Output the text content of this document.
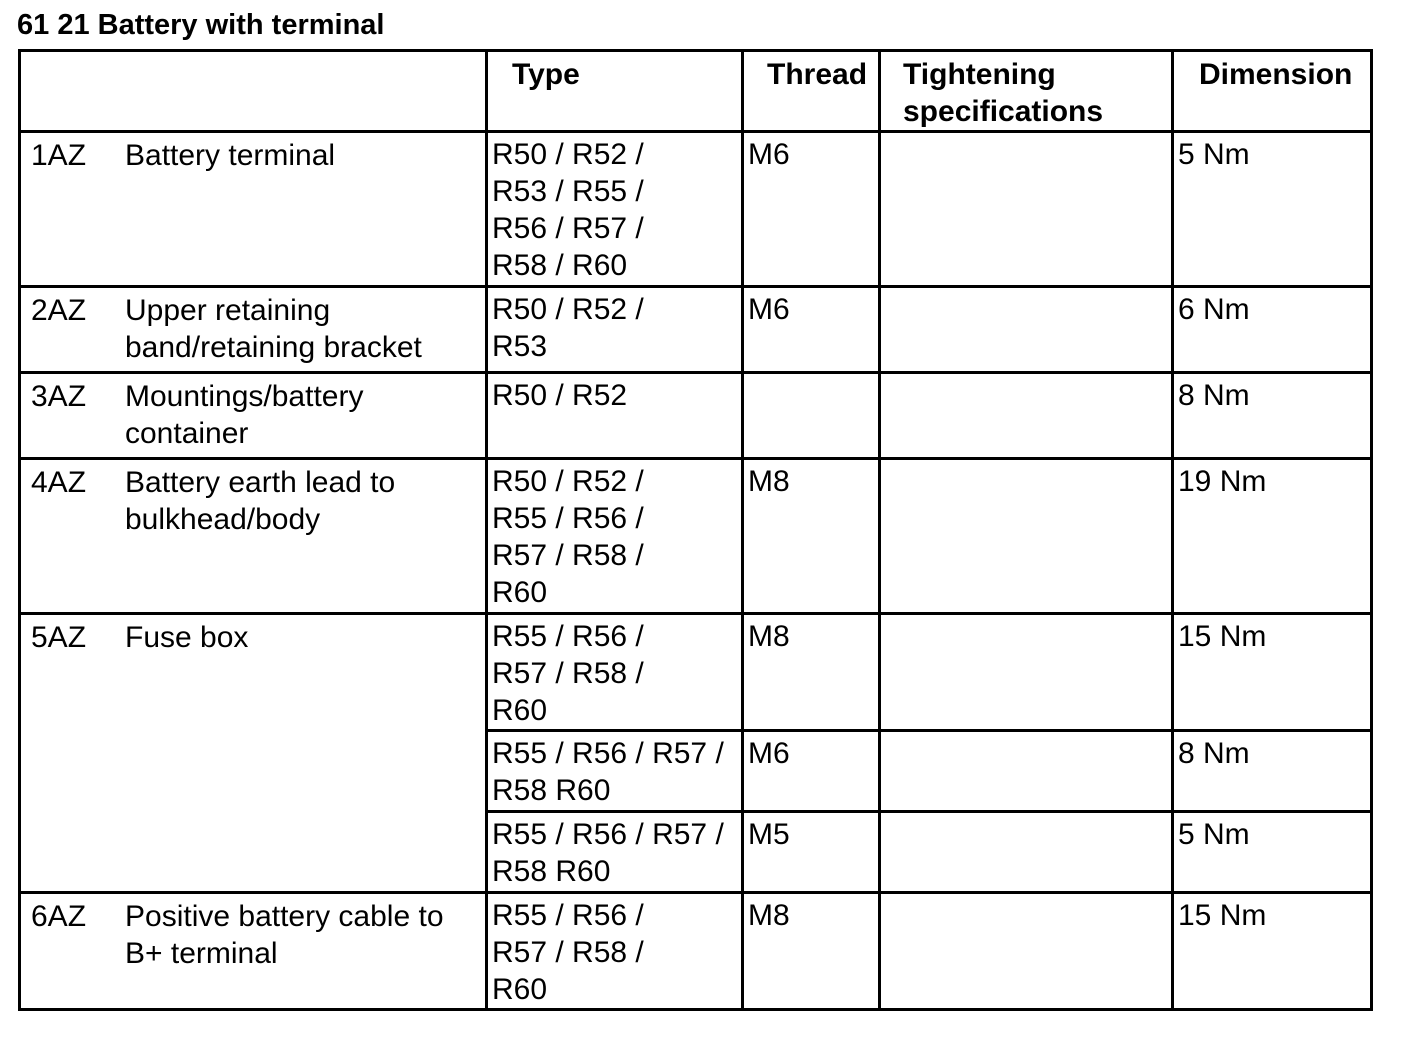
61 21 Battery with terminal

	Type	Thread	Tightening specifications	Dimension

1AZ Battery terminal	R50 / R52 / R53 / R55 / R56 / R57 / R58 / R60	M6		5 Nm

2AZ Upper retaining band/retaining bracket	R50 / R52 / R53	M6		6 Nm

3AZ Mountings/battery container	R50 / R52			8 Nm

4AZ Battery earth lead to bulkhead/body	R50 / R52 / R55 / R56 / R57 / R58 / R60	M8		19 Nm

5AZ Fuse box	R55 / R56 / R57 / R58 / R60	M8		15 Nm

	R55 / R56 / R57 / R58 R60	M6		8 Nm

	R55 / R56 / R57 / R58 R60	M5		5 Nm

6AZ Positive battery cable to B+ terminal	R55 / R56 / R57 / R58 / R60	M8		15 Nm
